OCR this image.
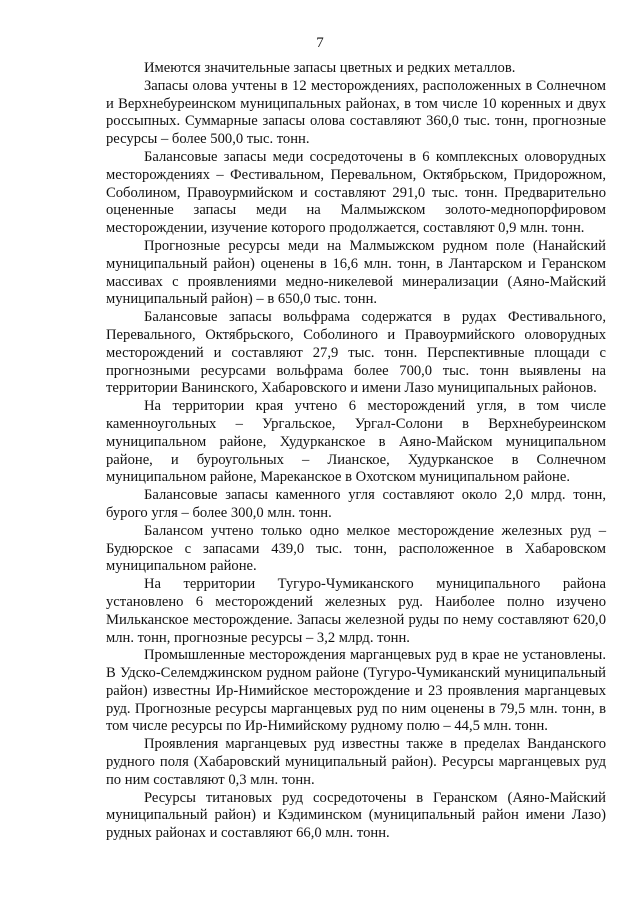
7

Имеются значительные запасы цветных и редких металлов.

Запасы олова учтены в 12 месторождениях, расположенных в Солнечном и Верхнебуреинском муниципальных районах, в том числе 10 коренных и двух россыпных. Суммарные запасы олова составляют 360,0 тыс. тонн, прогнозные ресурсы – более 500,0 тыс. тонн.

Балансовые запасы меди сосредоточены в 6 комплексных оловорудных месторождениях – Фестивальном, Перевальном, Октябрьском, Придорожном, Соболином, Правоурмийском и составляют 291,0 тыс. тонн. Предварительно оцененные запасы меди на Малмыжском золото-меднопорфировом месторождении, изучение которого продолжается, составляют 0,9 млн. тонн.

Прогнозные ресурсы меди на Малмыжском рудном поле (Нанайский муниципальный район) оценены в 16,6 млн. тонн, в Лантарском и Геранском массивах с проявлениями медно-никелевой минерализации (Аяно-Майский муниципальный район) – в 650,0 тыс. тонн.

Балансовые запасы вольфрама содержатся в рудах Фестивального, Перевального, Октябрьского, Соболиного и Правоурмийского оловорудных месторождений и составляют 27,9 тыс. тонн. Перспективные площади с прогнозными ресурсами вольфрама более 700,0 тыс. тонн выявлены на территории Ванинского, Хабаровского и имени Лазо муниципальных районов.

На территории края учтено 6 месторождений угля, в том числе каменноугольных – Ургальское, Ургал-Солони в Верхнебуреинском муниципальном районе, Худурканское в Аяно-Майском муниципальном районе, и буроугольных – Лианское, Худурканское в Солнечном муниципальном районе, Мареканское в Охотском муниципальном районе.

Балансовые запасы каменного угля составляют около 2,0 млрд. тонн, бурого угля – более 300,0 млн. тонн.

Балансом учтено только одно мелкое месторождение железных руд – Будюрское с запасами 439,0 тыс. тонн, расположенное в Хабаровском муниципальном районе.

На территории Тугуро-Чумиканского муниципального района установлено 6 месторождений железных руд. Наиболее полно изучено Мильканское месторождение. Запасы железной руды по нему составляют 620,0 млн. тонн, прогнозные ресурсы – 3,2 млрд. тонн.

Промышленные месторождения марганцевых руд в крае не установлены. В Удско-Селемджинском рудном районе (Тугуро-Чумиканский муниципальный район) известны Ир-Нимийское месторождение и 23 проявления марганцевых руд. Прогнозные ресурсы марганцевых руд по ним оценены в 79,5 млн. тонн, в том числе ресурсы по Ир-Нимийскому рудному полю – 44,5 млн. тонн.

Проявления марганцевых руд известны также в пределах Ванданского рудного поля (Хабаровский муниципальный район). Ресурсы марганцевых руд по ним составляют 0,3 млн. тонн.

Ресурсы титановых руд сосредоточены в Геранском (Аяно-Майский муниципальный район) и Кэдиминском (муниципальный район имени Лазо) рудных районах и составляют 66,0 млн. тонн.
